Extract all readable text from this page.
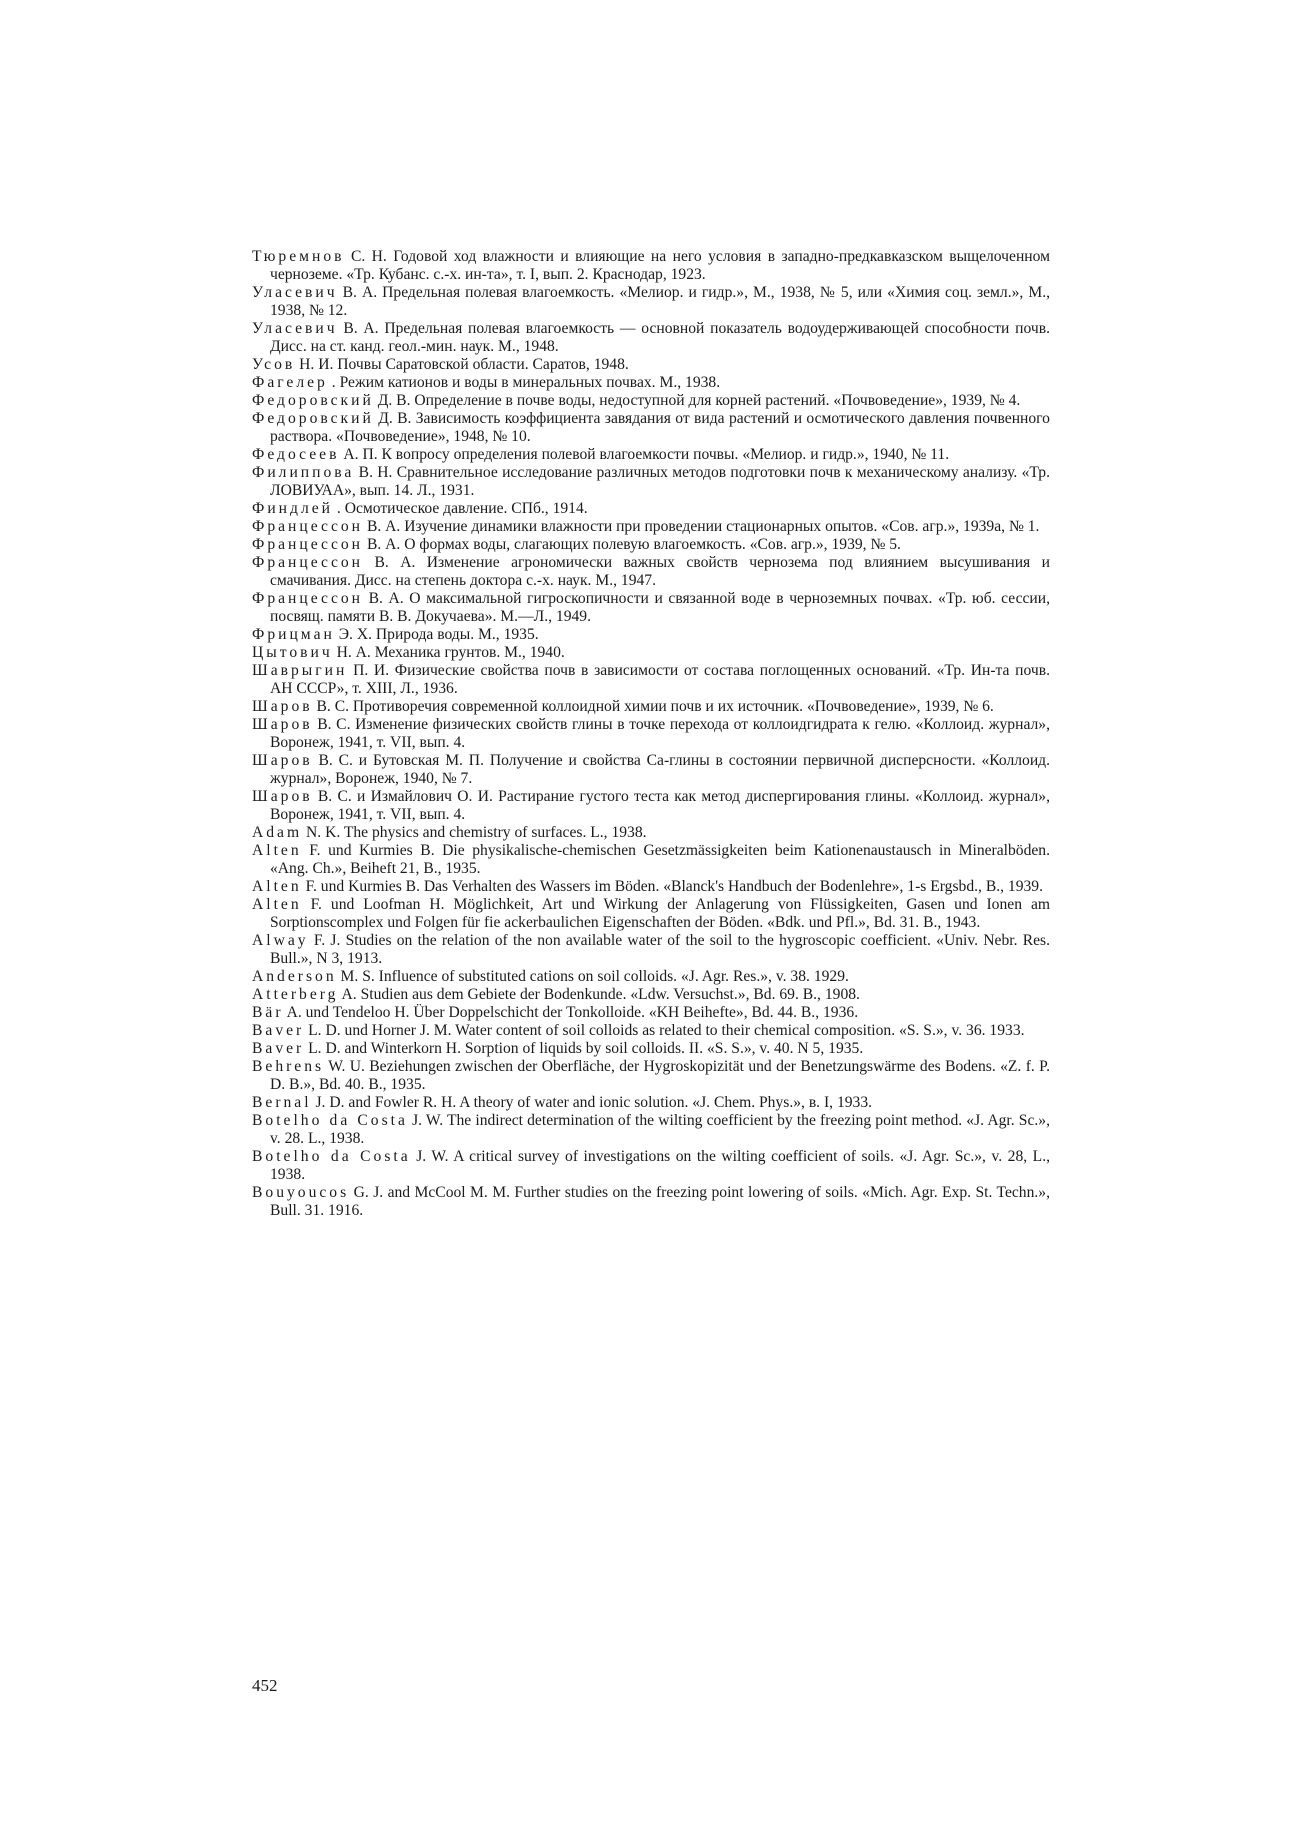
Тюремнов С. Н. Годовой ход влажности и влияющие на него условия в западно-предкавказском выщелоченном черноземе. «Тр. Кубанс. с.-х. ин-та», т. I, вып. 2. Краснодар, 1923.

Уласевич В. А. Предельная полевая влагоемкость. «Мелиор. и гидр.», М., 1938, № 5, или «Химия соц. земл.», М., 1938, № 12.

Уласевич В. А. Предельная полевая влагоемкость — основной показатель водоудерживающей способности почв. Дисс. на ст. канд. геол.-мин. наук. М., 1948.

Усов Н. И. Почвы Саратовской области. Саратов, 1948.

Фагелер . Режим катионов и воды в минеральных почвах. М., 1938.

Федоровский Д. В. Определение в почве воды, недоступной для корней растений. «Почвоведение», 1939, № 4.

Федоровский Д. В. Зависимость коэффициента завядания от вида растений и осмотического давления почвенного раствора. «Почвоведение», 1948, № 10.

Федосеев А. П. К вопросу определения полевой влагоемкости почвы. «Мелиор. и гидр.», 1940, № 11.

Филиппова В. Н. Сравнительное исследование различных методов подготовки почв к механическому анализу. «Тр. ЛОВИУАА», вып. 14. Л., 1931.

Финдлей . Осмотическое давление. СПб., 1914.

Францессон В. А. Изучение динамики влажности при проведении стационарных опытов. «Сов. агр.», 1939а, № 1.

Францессон В. А. О формах воды, слагающих полевую влагоемкость. «Сов. агр.», 1939, № 5.

Францессон В. А. Изменение агрономически важных свойств чернозема под влиянием высушивания и смачивания. Дисс. на степень доктора с.-х. наук. М., 1947.

Францессон В. А. О максимальной гигроскопичности и связанной воде в черноземных почвах. «Тр. юб. сессии, посвящ. памяти В. В. Докучаева». М.—Л., 1949.

Фрицман Э. Х. Природа воды. М., 1935.

Цытович Н. А. Механика грунтов. М., 1940.

Шаврыгин П. И. Физические свойства почв в зависимости от состава поглощенных оснований. «Тр. Ин-та почв. АН СССР», т. XIII, Л., 1936.

Шаров В. С. Противоречия современной коллоидной химии почв и их источник. «Почвоведение», 1939, № 6.

Шаров В. С. Изменение физических свойств глины в точке перехода от коллоидгидрата к гелю. «Коллоид. журнал», Воронеж, 1941, т. VII, вып. 4.

Шаров В. С. и Бутовская М. П. Получение и свойства Са-глины в состоянии первичной дисперсности. «Коллоид. журнал», Воронеж, 1940, № 7.

Шаров В. С. и Измайлович О. И. Растирание густого теста как метод диспергирования глины. «Коллоид. журнал», Воронеж, 1941, т. VII, вып. 4.

Adam N. K. The physics and chemistry of surfaces. L., 1938.

Alten F. und Kurmies B. Die physikalische-chemischen Gesetzmässigkeiten beim Kationenaustausch in Mineralböden. «Ang. Ch.», Beiheft 21, B., 1935.

Alten F. und Kurmies B. Das Verhalten des Wassers im Böden. «Blanck's Handbuch der Bodenlehre», 1-s Ergsbd., B., 1939.

Alten F. und Loofman H. Möglichkeit, Art und Wirkung der Anlagerung von Flüssigkeiten, Gasen und Ionen am Sorptionscomplex und Folgen für fie ackerbaulichen Eigenschaften der Böden. «Bdk. und Pfl.», Bd. 31. B., 1943.

Alway F. J. Studies on the relation of the non available water of the soil to the hygroscopic coefficient. «Univ. Nebr. Res. Bull.», N 3, 1913.

Anderson M. S. Influence of substituted cations on soil colloids. «J. Agr. Res.», v. 38. 1929.

Atterberg A. Studien aus dem Gebiete der Bodenkunde. «Ldw. Versuchst.», Bd. 69. B., 1908.

Bär A. und Tendeloo H. Über Doppelschicht der Tonkolloide. «KH Beihefte», Bd. 44. B., 1936.

Baver L. D. und Horner J. M. Water content of soil colloids as related to their chemical composition. «S. S.», v. 36. 1933.

Baver L. D. and Winterkorn H. Sorption of liquids by soil colloids. II. «S. S.», v. 40. N 5, 1935.

Behrens W. U. Beziehungen zwischen der Oberfläche, der Hygroskopizität und der Benetzungswärme des Bodens. «Z. f. P. D. B.», Bd. 40. B., 1935.

Bernal J. D. and Fowler R. H. A theory of water and ionic solution. «J. Chem. Phys.», в. I, 1933.

Botelho da Costa J. W. The indirect determination of the wilting coefficient by the freezing point method. «J. Agr. Sc.», v. 28. L., 1938.

Botelho da Costa J. W. A critical survey of investigations on the wilting coefficient of soils. «J. Agr. Sc.», v. 28, L., 1938.

Bouyoucos G. J. and McCool M. M. Further studies on the freezing point lowering of soils. «Mich. Agr. Exp. St. Techn.», Bull. 31. 1916.

452
